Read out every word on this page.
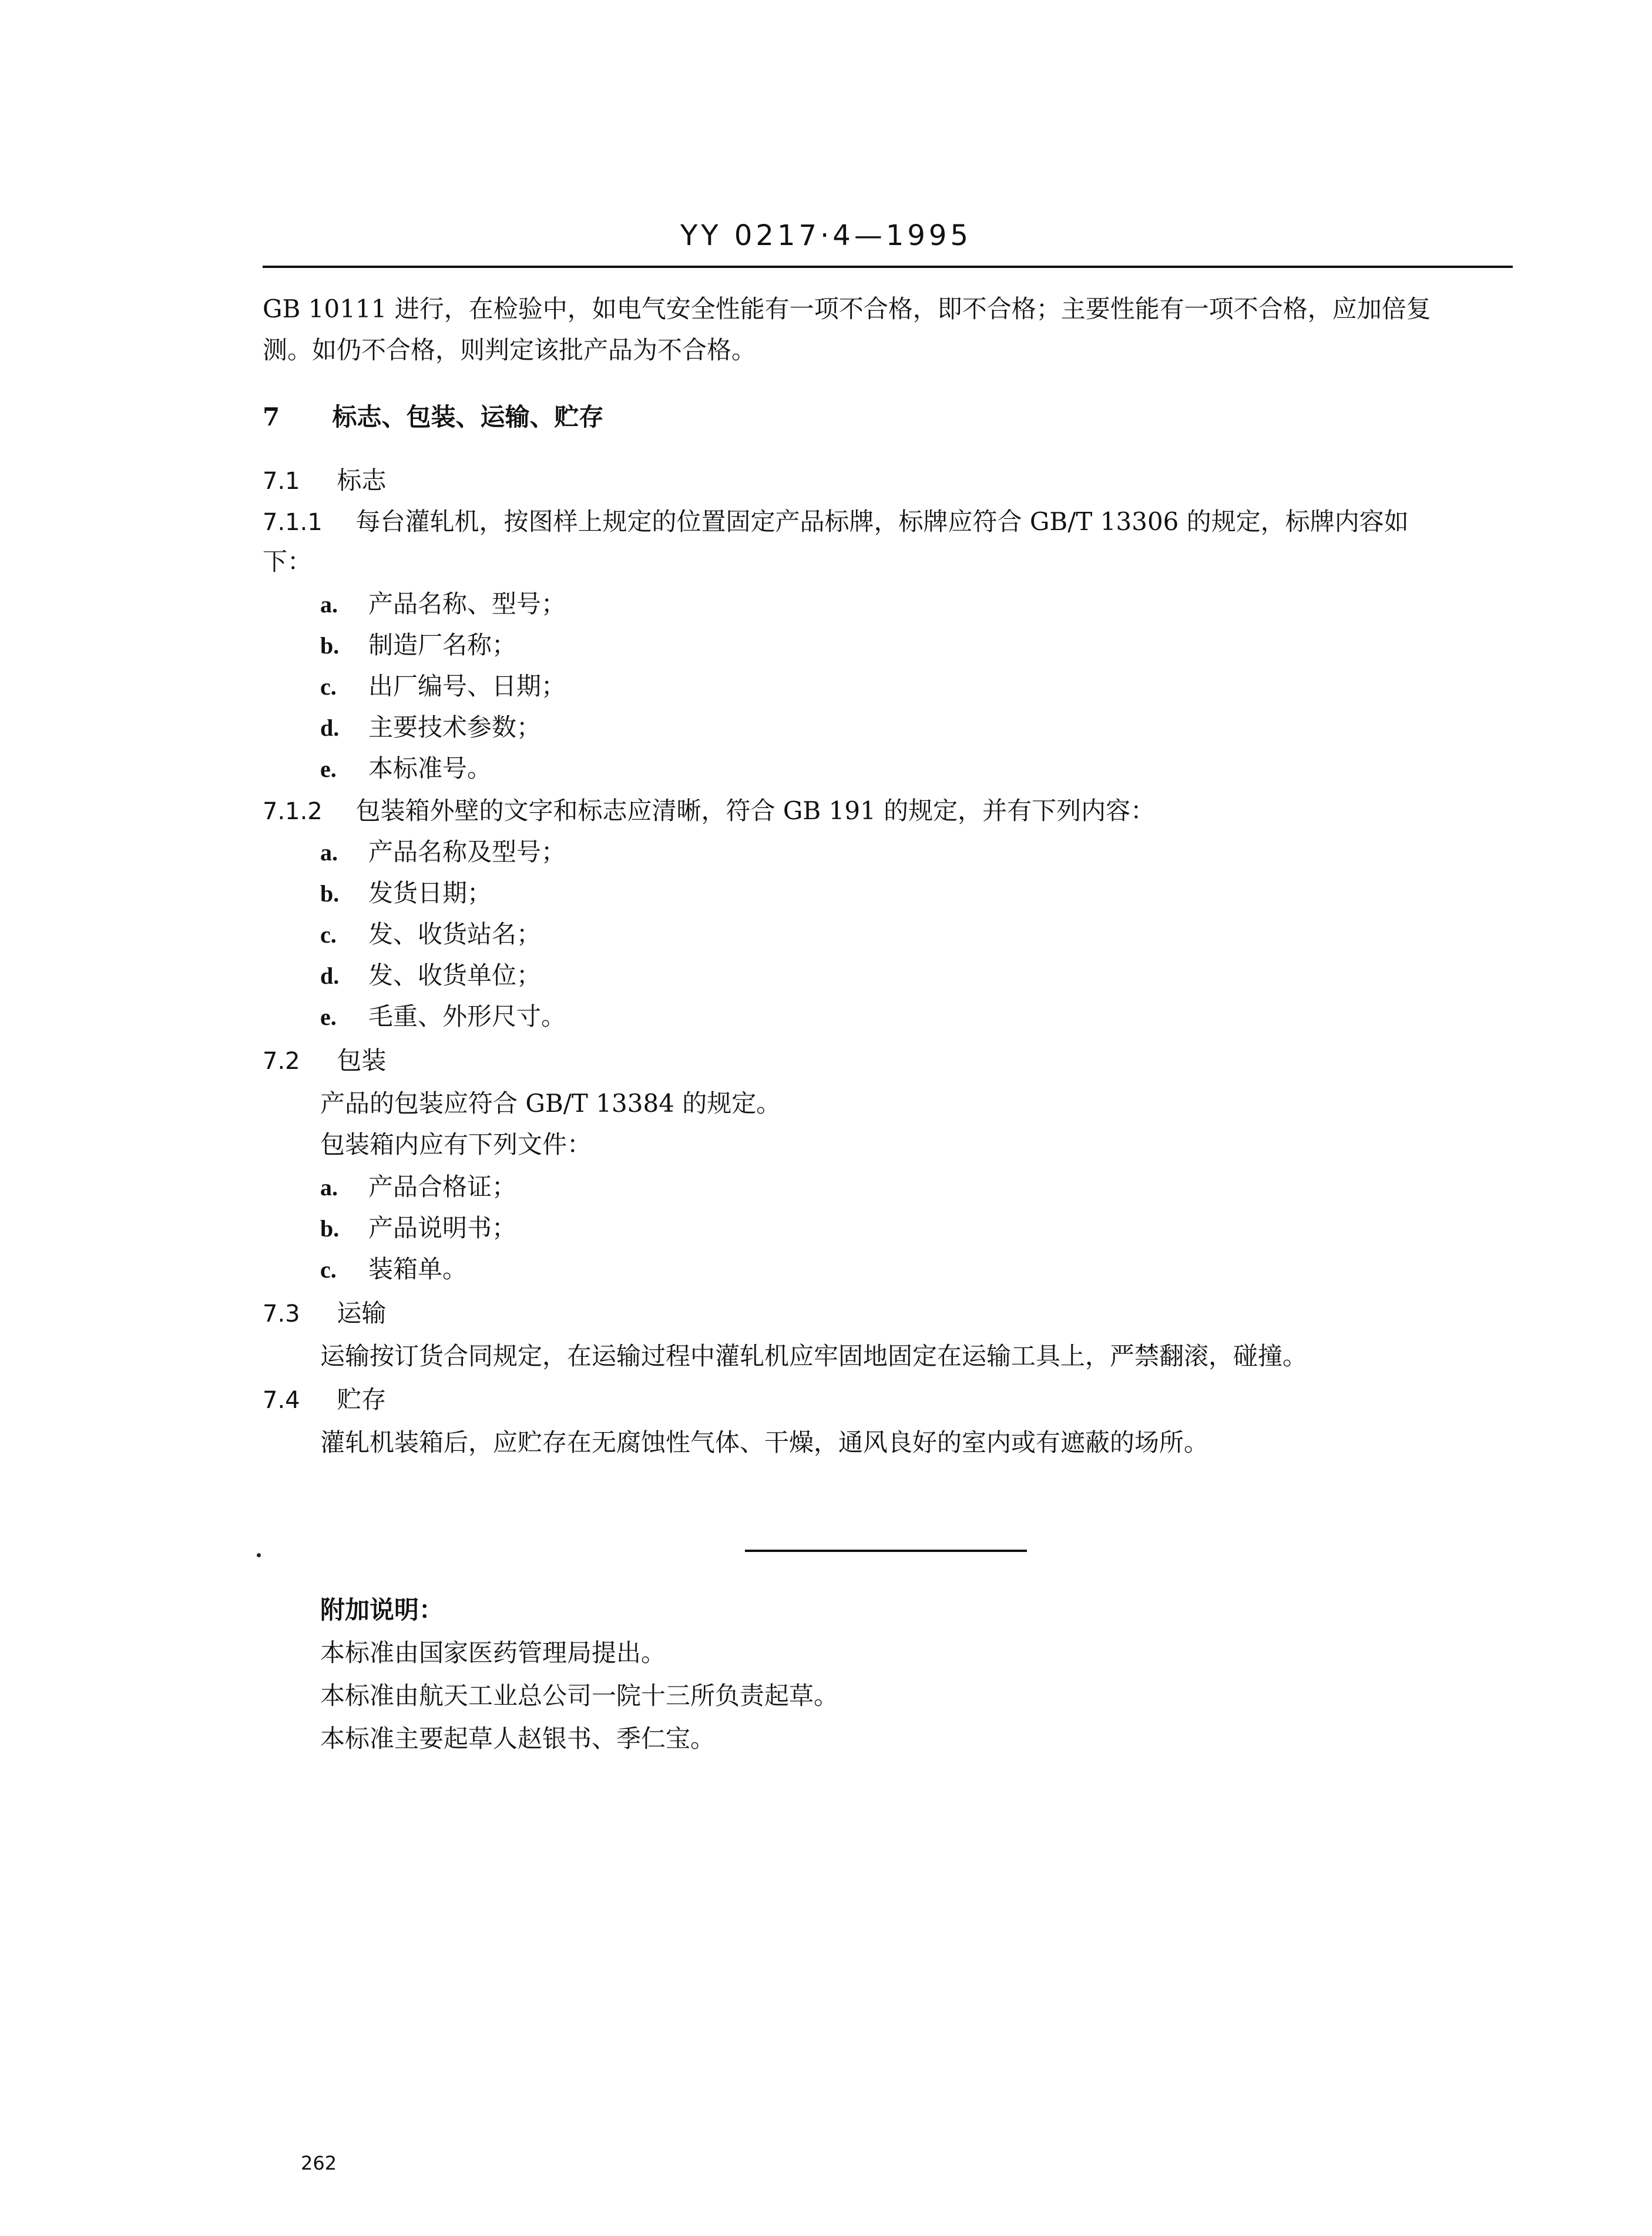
YY 0217·4—1995
GB 10111 进行，在检验中，如电气安全性能有一项不合格，即不合格；主要性能有一项不合格，应加倍复
测。如仍不合格，则判定该批产品为不合格。
7 标志、包装、运输、贮存
7.1 标志
7.1.1 每台灌轧机，按图样上规定的位置固定产品标牌，标牌应符合 GB/T 13306 的规定，标牌内容如
下：
a. 产品名称、型号；
b. 制造厂名称；
c. 出厂编号、日期；
d. 主要技术参数；
e. 本标准号。
7.1.2 包装箱外壁的文字和标志应清晰，符合 GB 191 的规定，并有下列内容：
a. 产品名称及型号；
b. 发货日期；
c. 发、收货站名；
d. 发、收货单位；
e. 毛重、外形尺寸。
7.2 包装
产品的包装应符合 GB/T 13384 的规定。
包装箱内应有下列文件：
a. 产品合格证；
b. 产品说明书；
c. 装箱单。
7.3 运输
运输按订货合同规定，在运输过程中灌轧机应牢固地固定在运输工具上，严禁翻滚，碰撞。
7.4 贮存
灌轧机装箱后，应贮存在无腐蚀性气体、干燥，通风良好的室内或有遮蔽的场所。
附加说明：
本标准由国家医药管理局提出。
本标准由航天工业总公司一院十三所负责起草。
本标准主要起草人赵银书、季仁宝。
262
